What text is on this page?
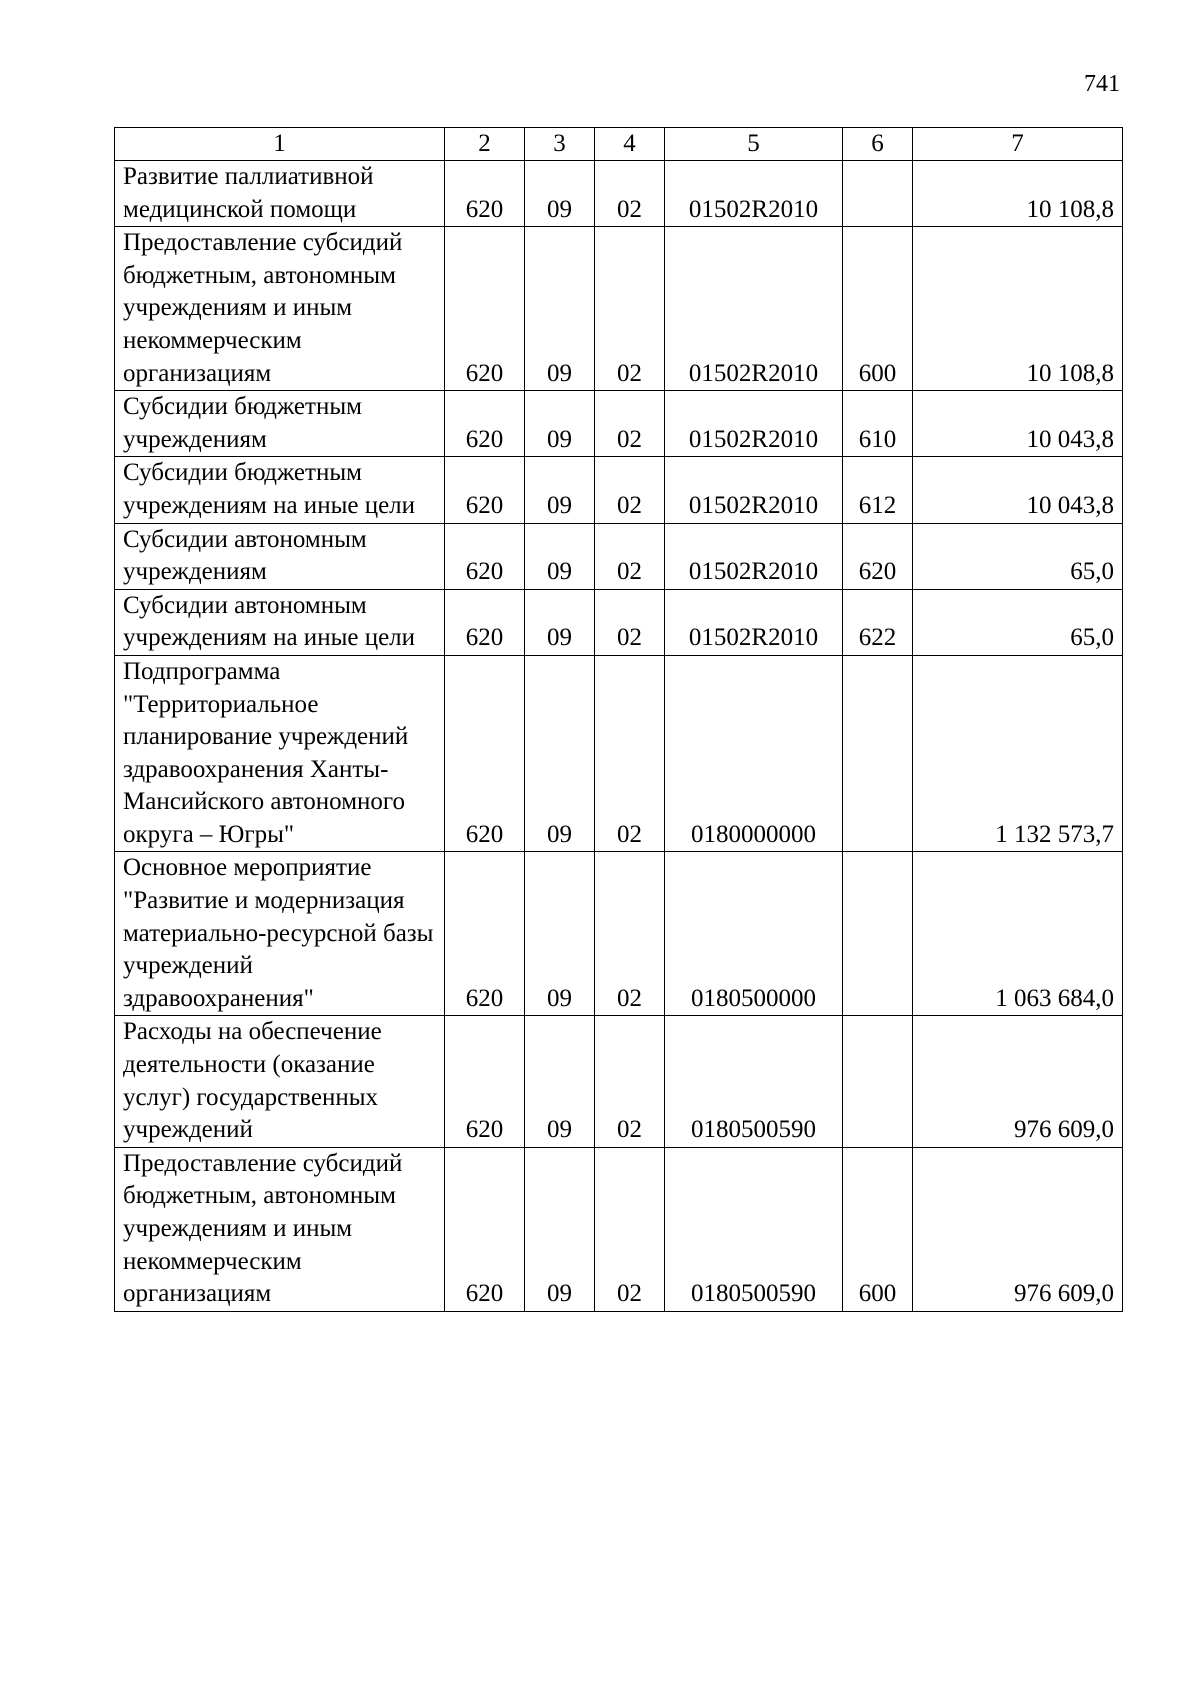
741
1	2	3	4	5	6	7
Развитие паллиативной медицинской помощи	620	09	02	01502R2010		10 108,8
Предоставление субсидий бюджетным, автономным учреждениям и иным некоммерческим организациям	620	09	02	01502R2010	600	10 108,8
Субсидии бюджетным учреждениям	620	09	02	01502R2010	610	10 043,8
Субсидии бюджетным учреждениям на иные цели	620	09	02	01502R2010	612	10 043,8
Субсидии автономным учреждениям	620	09	02	01502R2010	620	65,0
Субсидии автономным учреждениям на иные цели	620	09	02	01502R2010	622	65,0
Подпрограмма "Территориальное планирование учреждений здравоохранения Ханты-Мансийского автономного округа – Югры"	620	09	02	0180000000		1 132 573,7
Основное мероприятие "Развитие и модернизация материально-ресурсной базы учреждений здравоохранения"	620	09	02	0180500000		1 063 684,0
Расходы на обеспечение деятельности (оказание услуг) государственных учреждений	620	09	02	0180500590		976 609,0
Предоставление субсидий бюджетным, автономным учреждениям и иным некоммерческим организациям	620	09	02	0180500590	600	976 609,0
